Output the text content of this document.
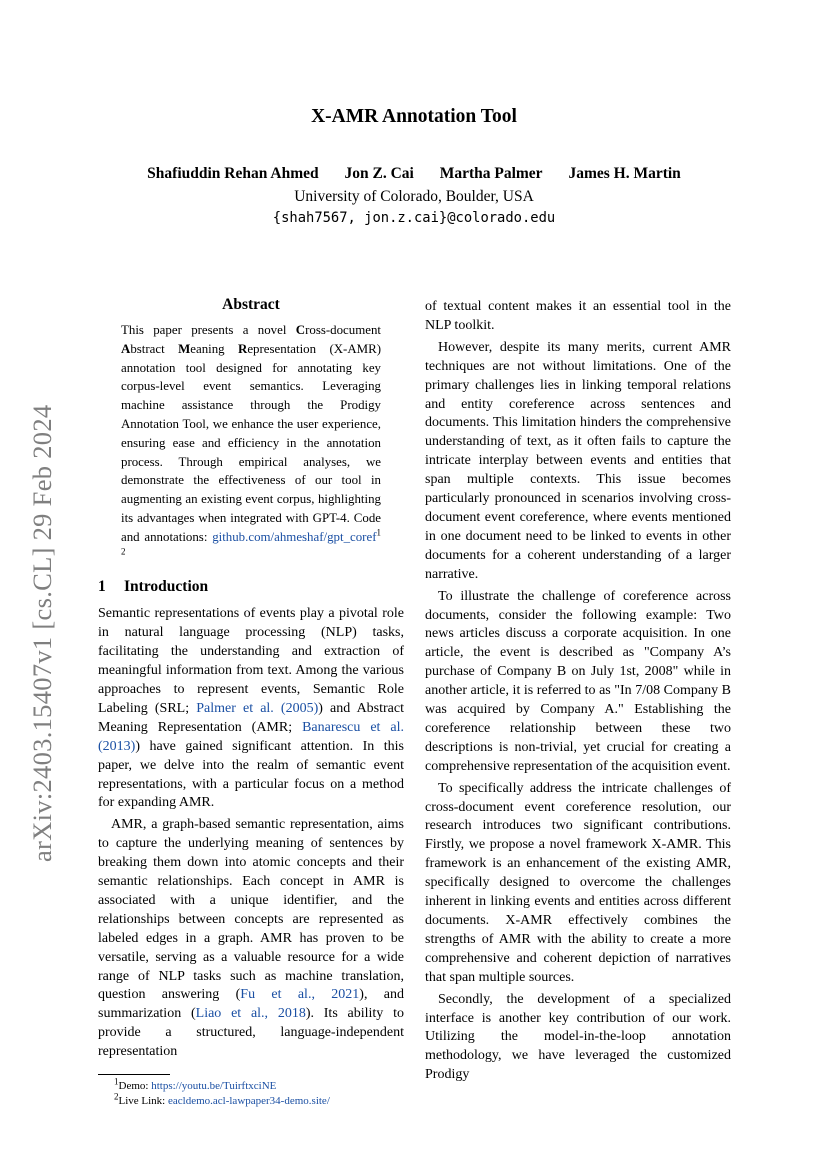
arXiv:2403.15407v1 [cs.CL] 29 Feb 2024
X-AMR Annotation Tool
Shafiuddin Rehan Ahmed Jon Z. Cai Martha Palmer James H. Martin
University of Colorado, Boulder, USA
{shah7567, jon.z.cai}@colorado.edu
Abstract
This paper presents a novel Cross-document Abstract Meaning Representation (X-AMR) annotation tool designed for annotating key corpus-level event semantics. Leveraging machine assistance through the Prodigy Annotation Tool, we enhance the user experience, ensuring ease and efficiency in the annotation process. Through empirical analyses, we demonstrate the effectiveness of our tool in augmenting an existing event corpus, highlighting its advantages when integrated with GPT-4. Code and annotations: github.com/ahmeshaf/gpt_coref$^{1 2}$
1 Introduction

Semantic representations of events play a pivotal role in natural language processing (NLP) tasks, facilitating the understanding and extraction of meaningful information from text. Among the various approaches to represent events, Semantic Role Labeling (SRL; Palmer et al. (2005)) and Abstract Meaning Representation (AMR; Banarescu et al. (2013)) have gained significant attention. In this paper, we delve into the realm of semantic event representations, with a particular focus on a method for expanding AMR.

AMR, a graph-based semantic representation, aims to capture the underlying meaning of sentences by breaking them down into atomic concepts and their semantic relationships. Each concept in AMR is associated with a unique identifier, and the relationships between concepts are represented as labeled edges in a graph. AMR has proven to be versatile, serving as a valuable resource for a wide range of NLP tasks such as machine translation, question answering (Fu et al., 2021), and summarization (Liao et al., 2018). Its ability to provide a structured, language-independent representation

$^1$Demo: https://youtu.be/TuirftxciNE
$^2$Live Link: eacldemo.acl-lawpaper34-demo.site/

of textual content makes it an essential tool in the NLP toolkit.

However, despite its many merits, current AMR techniques are not without limitations. One of the primary challenges lies in linking temporal relations and entity coreference across sentences and documents. This limitation hinders the comprehensive understanding of text, as it often fails to capture the intricate interplay between events and entities that span multiple contexts. This issue becomes particularly pronounced in scenarios involving cross-document event coreference, where events mentioned in one document need to be linked to events in other documents for a coherent understanding of a larger narrative.

To illustrate the challenge of coreference across documents, consider the following example: Two news articles discuss a corporate acquisition. In one article, the event is described as "Company A’s purchase of Company B on July 1st, 2008" while in another article, it is referred to as "In 7/08 Company B was acquired by Company A." Establishing the coreference relationship between these two descriptions is non-trivial, yet crucial for creating a comprehensive representation of the acquisition event.

To specifically address the intricate challenges of cross-document event coreference resolution, our research introduces two significant contributions. Firstly, we propose a novel framework X-AMR. This framework is an enhancement of the existing AMR, specifically designed to overcome the challenges inherent in linking events and entities across different documents. X-AMR effectively combines the strengths of AMR with the ability to create a more comprehensive and coherent depiction of narratives that span multiple sources.

Secondly, the development of a specialized interface is another key contribution of our work. Utilizing the model-in-the-loop annotation methodology, we have leveraged the customized Prodigy
